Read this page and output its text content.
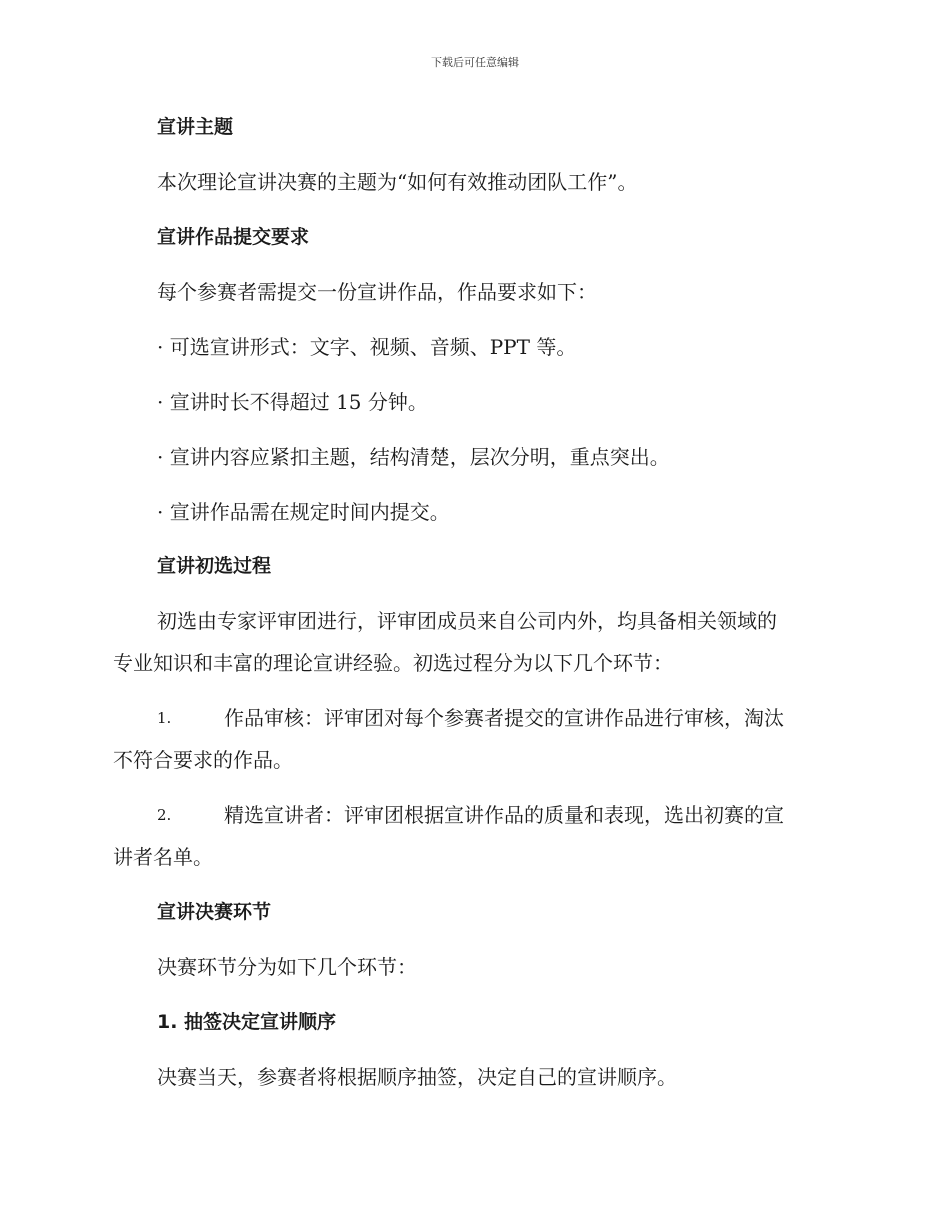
下载后可任意编辑
宣讲主题
本次理论宣讲决赛的主题为“如何有效推动团队工作”。
宣讲作品提交要求
每个参赛者需提交一份宣讲作品，作品要求如下：
· 可选宣讲形式：文字、视频、音频、PPT 等。
· 宣讲时长不得超过 15 分钟。
· 宣讲内容应紧扣主题，结构清楚，层次分明，重点突出。
· 宣讲作品需在规定时间内提交。
宣讲初选过程
初选由专家评审团进行，评审团成员来自公司内外，均具备相关领域的
专业知识和丰富的理论宣讲经验。初选过程分为以下几个环节：
1.	作品审核：评审团对每个参赛者提交的宣讲作品进行审核，淘汰
不符合要求的作品。
2.	精选宣讲者：评审团根据宣讲作品的质量和表现，选出初赛的宣
讲者名单。
宣讲决赛环节
决赛环节分为如下几个环节：
1. 抽签决定宣讲顺序
决赛当天，参赛者将根据顺序抽签，决定自己的宣讲顺序。
